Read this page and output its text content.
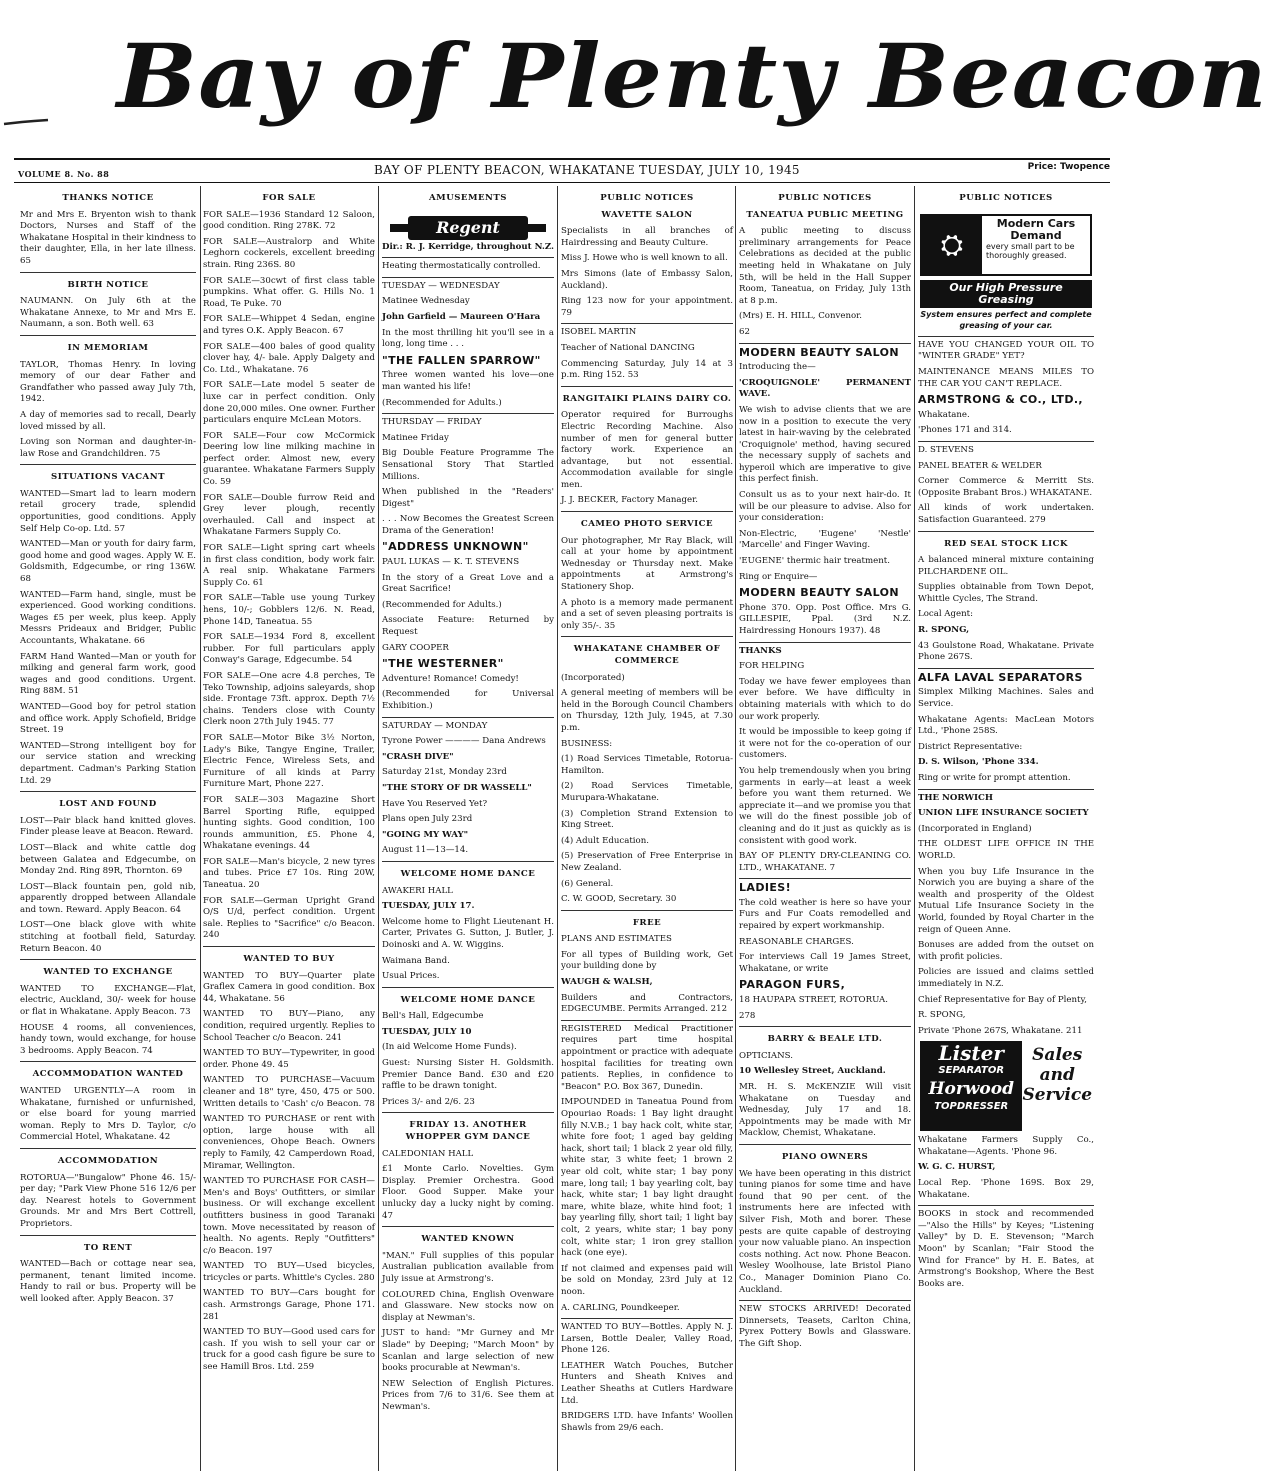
Bay of Plenty Beacon
VOLUME 8. No. 88	BAY OF PLENTY BEACON, WHAKATANE TUESDAY, JULY 10, 1945	Price: Twopence
THANKS NOTICE

Mr and Mrs E. Bryenton wish to thank Doctors, Nurses and Staff of the Whakatane Hospital in their kindness to their daughter, Ella, in her late illness. 65

BIRTH NOTICE

NAUMANN. On July 6th at the Whakatane Annexe, to Mr and Mrs E. Naumann, a son. Both well. 63

IN MEMORIAM

TAYLOR, Thomas Henry. In loving memory of our dear Father and Grandfather who passed away July 7th, 1942.

A day of memories sad to recall, Dearly loved missed by all.

Loving son Norman and daughter-in-law Rose and Grandchildren. 75

SITUATIONS VACANT

WANTED—Smart lad to learn modern retail grocery trade, splendid opportunities, good conditions. Apply Self Help Co-op. Ltd. 57

WANTED—Man or youth for dairy farm, good home and good wages. Apply W. E. Goldsmith, Edgecumbe, or ring 136W. 68

WANTED—Farm hand, single, must be experienced. Good working conditions. Wages £5 per week, plus keep. Apply Messrs Prideaux and Bridger, Public Accountants, Whakatane. 66

FARM Hand Wanted—Man or youth for milking and general farm work, good wages and good conditions. Urgent. Ring 88M. 51

WANTED—Good boy for petrol station and office work. Apply Schofield, Bridge Street. 19

WANTED—Strong intelligent boy for our service station and wrecking department. Cadman's Parking Station Ltd. 29

LOST AND FOUND

LOST—Pair black hand knitted gloves. Finder please leave at Beacon. Reward.

LOST—Black and white cattle dog between Galatea and Edgecumbe, on Monday 2nd. Ring 89R, Thornton. 69

LOST—Black fountain pen, gold nib, apparently dropped between Allandale and town. Reward. Apply Beacon. 64

LOST—One black glove with white stitching at football field, Saturday. Return Beacon. 40

WANTED TO EXCHANGE

WANTED TO EXCHANGE—Flat, electric, Auckland, 30/- week for house or flat in Whakatane. Apply Beacon. 73

HOUSE 4 rooms, all conveniences, handy town, would exchange, for house 3 bedrooms. Apply Beacon. 74

ACCOMMODATION WANTED

WANTED URGENTLY—A room in Whakatane, furnished or unfurnished, or else board for young married woman. Reply to Mrs D. Taylor, c/o Commercial Hotel, Whakatane. 42

ACCOMMODATION

ROTORUA—"Bungalow" Phone 46. 15/- per day; "Park View Phone 516 12/6 per day. Nearest hotels to Government Grounds. Mr and Mrs Bert Cottrell, Proprietors.

TO RENT

WANTED—Bach or cottage near sea, permanent, tenant limited income. Handy to rail or bus. Property will be well looked after. Apply Beacon. 37

FOR SALE

FOR SALE—1936 Standard 12 Saloon, good condition. Ring 278K. 72

FOR SALE—Australorp and White Leghorn cockerels, excellent breeding strain. Ring 236S. 80

FOR SALE—30cwt of first class table pumpkins. What offer. G. Hills No. 1 Road, Te Puke. 70

FOR SALE—Whippet 4 Sedan, engine and tyres O.K. Apply Beacon. 67

FOR SALE—400 bales of good quality clover hay, 4/- bale. Apply Dalgety and Co. Ltd., Whakatane. 76

FOR SALE—Late model 5 seater de luxe car in perfect condition. Only done 20,000 miles. One owner. Further particulars enquire McLean Motors.

FOR SALE—Four cow McCormick Deering low line milking machine in perfect order. Almost new, every guarantee. Whakatane Farmers Supply Co. 59

FOR SALE—Double furrow Reid and Grey lever plough, recently overhauled. Call and inspect at Whakatane Farmers Supply Co.

FOR SALE—Light spring cart wheels in first class condition, body work fair. A real snip. Whakatane Farmers Supply Co. 61

FOR SALE—Table use young Turkey hens, 10/-; Gobblers 12/6. N. Read, Phone 14D, Taneatua. 55

FOR SALE—1934 Ford 8, excellent rubber. For full particulars apply Conway's Garage, Edgecumbe. 54

FOR SALE—One acre 4.8 perches, Te Teko Township, adjoins saleyards, shop side. Frontage 73ft. approx. Depth 7½ chains. Tenders close with County Clerk noon 27th July 1945. 77

FOR SALE—Motor Bike 3½ Norton, Lady's Bike, Tangye Engine, Trailer, Electric Fence, Wireless Sets, and Furniture of all kinds at Parry Furniture Mart, Phone 227.

FOR SALE—303 Magazine Short Barrel Sporting Rifle, equipped hunting sights. Good condition, 100 rounds ammunition, £5. Phone 4, Whakatane evenings. 44

FOR SALE—Man's bicycle, 2 new tyres and tubes. Price £7 10s. Ring 20W, Taneatua. 20

FOR SALE—German Upright Grand O/S U/d, perfect condition. Urgent sale. Replies to "Sacrifice" c/o Beacon. 240

WANTED TO BUY

WANTED TO BUY—Quarter plate Graflex Camera in good condition. Box 44, Whakatane. 56

WANTED TO BUY—Piano, any condition, required urgently. Replies to School Teacher c/o Beacon. 241

WANTED TO BUY—Typewriter, in good order. Phone 49. 45

WANTED TO PURCHASE—Vacuum cleaner and 18" tyre, 450, 475 or 500. Written details to 'Cash' c/o Beacon. 78

WANTED TO PURCHASE or rent with option, large house with all conveniences, Ohope Beach. Owners reply to Family, 42 Camperdown Road, Miramar, Wellington.

WANTED TO PURCHASE FOR CASH—Men's and Boys' Outfitters, or similar business. Or will exchange excellent outfitters business in good Taranaki town. Move necessitated by reason of health. No agents. Reply "Outfitters" c/o Beacon. 197

WANTED TO BUY—Used bicycles, tricycles or parts. Whittle's Cycles. 280

WANTED TO BUY—Cars bought for cash. Armstrongs Garage, Phone 171. 281

WANTED TO BUY—Good used cars for cash. If you wish to sell your car or truck for a good cash figure be sure to see Hamill Bros. Ltd. 259

AMUSEMENTS
Regent

Dir.: R. J. Kerridge, throughout N.Z.

Heating thermostatically controlled.

TUESDAY — WEDNESDAY

Matinee Wednesday

John Garfield — Maureen O'Hara

In the most thrilling hit you'll see in a long, long time . . .

"THE FALLEN SPARROW"

Three women wanted his love—one man wanted his life!

(Recommended for Adults.)

THURSDAY — FRIDAY

Matinee Friday

Big Double Feature Programme The Sensational Story That Startled Millions.

When published in the "Readers' Digest"

. . . Now Becomes the Greatest Screen Drama of the Generation!

"ADDRESS UNKNOWN"

PAUL LUKAS — K. T. STEVENS

In the story of a Great Love and a Great Sacrifice!

(Recommended for Adults.)

Associate Feature: Returned by Request

GARY COOPER

"THE WESTERNER"

Adventure! Romance! Comedy!

(Recommended for Universal Exhibition.)

SATURDAY — MONDAY

Tyrone Power ———— Dana Andrews

"CRASH DIVE"

Saturday 21st, Monday 23rd

"THE STORY OF DR WASSELL"

Have You Reserved Yet?

Plans open July 23rd

"GOING MY WAY"

August 11—13—14.

WELCOME HOME DANCE

AWAKERI HALL

TUESDAY, JULY 17.

Welcome home to Flight Lieutenant H. Carter, Privates G. Sutton, J. Butler, J. Doinoski and A. W. Wiggins.

Waimana Band.

Usual Prices.

WELCOME HOME DANCE

Bell's Hall, Edgecumbe

TUESDAY, JULY 10

(In aid Welcome Home Funds).

Guest: Nursing Sister H. Goldsmith. Premier Dance Band. £30 and £20 raffle to be drawn tonight.

Prices 3/- and 2/6. 23

FRIDAY 13. ANOTHER WHOPPER GYM DANCE

CALEDONIAN HALL

£1 Monte Carlo. Novelties. Gym Display. Premier Orchestra. Good Floor. Good Supper. Make your unlucky day a lucky night by coming. 47

WANTED KNOWN

"MAN." Full supplies of this popular Australian publication available from July issue at Armstrong's.

COLOURED China, English Ovenware and Glassware. New stocks now on display at Newman's.

JUST to hand: "Mr Gurney and Mr Slade" by Deeping; "March Moon" by Scanlan and large selection of new books procurable at Newman's.

NEW Selection of English Pictures. Prices from 7/6 to 31/6. See them at Newman's.

PUBLIC NOTICES
WAVETTE SALON

Specialists in all branches of Hairdressing and Beauty Culture.

Miss J. Howe who is well known to all.

Mrs Simons (late of Embassy Salon, Auckland).

Ring 123 now for your appointment. 79

ISOBEL MARTIN

Teacher of National DANCING

Commencing Saturday, July 14 at 3 p.m. Ring 152. 53

RANGITAIKI PLAINS DAIRY CO.

Operator required for Burroughs Electric Recording Machine. Also number of men for general butter factory work. Experience an advantage, but not essential. Accommodation available for single men.

J. J. BECKER, Factory Manager.

CAMEO PHOTO SERVICE

Our photographer, Mr Ray Black, will call at your home by appointment Wednesday or Thursday next. Make appointments at Armstrong's Stationery Shop.

A photo is a memory made permanent and a set of seven pleasing portraits is only 35/-. 35

WHAKATANE CHAMBER OF COMMERCE

(Incorporated)

A general meeting of members will be held in the Borough Council Chambers on Thursday, 12th July, 1945, at 7.30 p.m.

BUSINESS:

(1) Road Services Timetable, Rotorua-Hamilton.

(2) Road Services Timetable, Murupara-Whakatane.

(3) Completion Strand Extension to King Street.

(4) Adult Education.

(5) Preservation of Free Enterprise in New Zealand.

(6) General.

C. W. GOOD, Secretary. 30

FREE

PLANS AND ESTIMATES

For all types of Building work, Get your building done by

WAUGH & WALSH,

Builders and Contractors, EDGECUMBE. Permits Arranged. 212

REGISTERED Medical Practitioner requires part time hospital appointment or practice with adequate hospital facilities for treating own patients. Replies, in confidence to "Beacon" P.O. Box 367, Dunedin.

IMPOUNDED in Taneatua Pound from Opouriao Roads: 1 Bay light draught filly N.V.B.; 1 bay hack colt, white star, white fore foot; 1 aged bay gelding hack, short tail; 1 black 2 year old filly, white star, 3 white feet; 1 brown 2 year old colt, white star; 1 bay pony mare, long tail; 1 bay yearling colt, bay hack, white star; 1 bay light draught mare, white blaze, white hind foot; 1 bay yearling filly, short tail; 1 light bay colt, 2 years, white star; 1 bay pony colt, white star; 1 iron grey stallion hack (one eye).

If not claimed and expenses paid will be sold on Monday, 23rd July at 12 noon.

A. CARLING, Poundkeeper.

WANTED TO BUY—Bottles. Apply N. J. Larsen, Bottle Dealer, Valley Road, Phone 126.

LEATHER Watch Pouches, Butcher Hunters and Sheath Knives and Leather Sheaths at Cutlers Hardware Ltd.

BRIDGERS LTD. have Infants' Woollen Shawls from 29/6 each.

PUBLIC NOTICES
TANEATUA PUBLIC MEETING

A public meeting to discuss preliminary arrangements for Peace Celebrations as decided at the public meeting held in Whakatane on July 5th, will be held in the Hall Supper Room, Taneatua, on Friday, July 13th at 8 p.m.

(Mrs) E. H. HILL, Convenor.

62

MODERN BEAUTY SALON

Introducing the—

'CROQUIGNOLE' PERMANENT WAVE.

We wish to advise clients that we are now in a position to execute the very latest in hair-waving by the celebrated 'Croquignole' method, having secured the necessary supply of sachets and hyperoil which are imperative to give this perfect finish.

Consult us as to your next hair-do. It will be our pleasure to advise. Also for your consideration:

Non-Electric, 'Eugene' 'Nestle' 'Marcelle' and Finger Waving.

'EUGENE' thermic hair treatment.

Ring or Enquire—

MODERN BEAUTY SALON

Phone 370. Opp. Post Office. Mrs G. GILLESPIE, Ppal. (3rd N.Z. Hairdressing Honours 1937). 48

THANKS

FOR HELPING

Today we have fewer employees than ever before. We have difficulty in obtaining materials with which to do our work properly.

It would be impossible to keep going if it were not for the co-operation of our customers.

You help tremendously when you bring garments in early—at least a week before you want them returned. We appreciate it—and we promise you that we will do the finest possible job of cleaning and do it just as quickly as is consistent with good work.

BAY OF PLENTY DRY-CLEANING CO. LTD., WHAKATANE. 7

LADIES!

The cold weather is here so have your Furs and Fur Coats remodelled and repaired by expert workmanship.

REASONABLE CHARGES.

For interviews Call 19 James Street, Whakatane, or write

PARAGON FURS,

18 HAUPAPA STREET, ROTORUA.

278

BARRY & BEALE LTD.

OPTICIANS.

10 Wellesley Street, Auckland.

MR. H. S. McKENZIE Will visit Whakatane on Tuesday and Wednesday, July 17 and 18. Appointments may be made with Mr Macklow, Chemist, Whakatane.

PIANO OWNERS

We have been operating in this district tuning pianos for some time and have found that 90 per cent. of the instruments here are infected with Silver Fish, Moth and borer. These pests are quite capable of destroying your now valuable piano. An inspection costs nothing. Act now. Phone Beacon. Wesley Woolhouse, late Bristol Piano Co., Manager Dominion Piano Co. Auckland.

NEW STOCKS ARRIVED! Decorated Dinnersets, Teasets, Carlton China, Pyrex Pottery Bowls and Glassware. The Gift Shop.

PUBLIC NOTICES
⛭
Modern Cars Demand
every small part to be thoroughly greased.
Our High Pressure Greasing
System ensures perfect and complete greasing of your car.

HAVE YOU CHANGED YOUR OIL TO "WINTER GRADE" YET?

MAINTENANCE MEANS MILES TO THE CAR YOU CAN'T REPLACE.

ARMSTRONG & CO., LTD.,

Whakatane.

'Phones 171 and 314.

D. STEVENS

PANEL BEATER & WELDER

Corner Commerce & Merritt Sts. (Opposite Brabant Bros.) WHAKATANE.

All kinds of work undertaken. Satisfaction Guaranteed. 279

RED SEAL STOCK LICK

A balanced mineral mixture containing PILCHARDENE OIL.

Supplies obtainable from Town Depot, Whittle Cycles, The Strand.

Local Agent:

R. SPONG,

43 Goulstone Road, Whakatane. Private Phone 267S.

ALFA LAVAL SEPARATORS

Simplex Milking Machines. Sales and Service.

Whakatane Agents: MacLean Motors Ltd., 'Phone 258S.

District Representative:

D. S. Wilson, 'Phone 334.

Ring or write for prompt attention.

THE NORWICH

UNION LIFE INSURANCE SOCIETY

(Incorporated in England)

THE OLDEST LIFE OFFICE IN THE WORLD.

When you buy Life Insurance in the Norwich you are buying a share of the wealth and prosperity of the Oldest Mutual Life Insurance Society in the World, founded by Royal Charter in the reign of Queen Anne.

Bonuses are added from the outset on with profit policies.

Policies are issued and claims settled immediately in N.Z.

Chief Representative for Bay of Plenty,

R. SPONG,

Private 'Phone 267S, Whakatane. 211

Lister
SEPARATOR
Horwood
TOPDRESSER
Sales and Service

Whakatane Farmers Supply Co., Whakatane—Agents. 'Phone 96.

W. G. C. HURST,

Local Rep. 'Phone 169S. Box 29, Whakatane.

BOOKS in stock and recommended—"Also the Hills" by Keyes; "Listening Valley" by D. E. Stevenson; "March Moon" by Scanlan; "Fair Stood the Wind for France" by H. E. Bates, at Armstrong's Bookshop, Where the Best Books are.
